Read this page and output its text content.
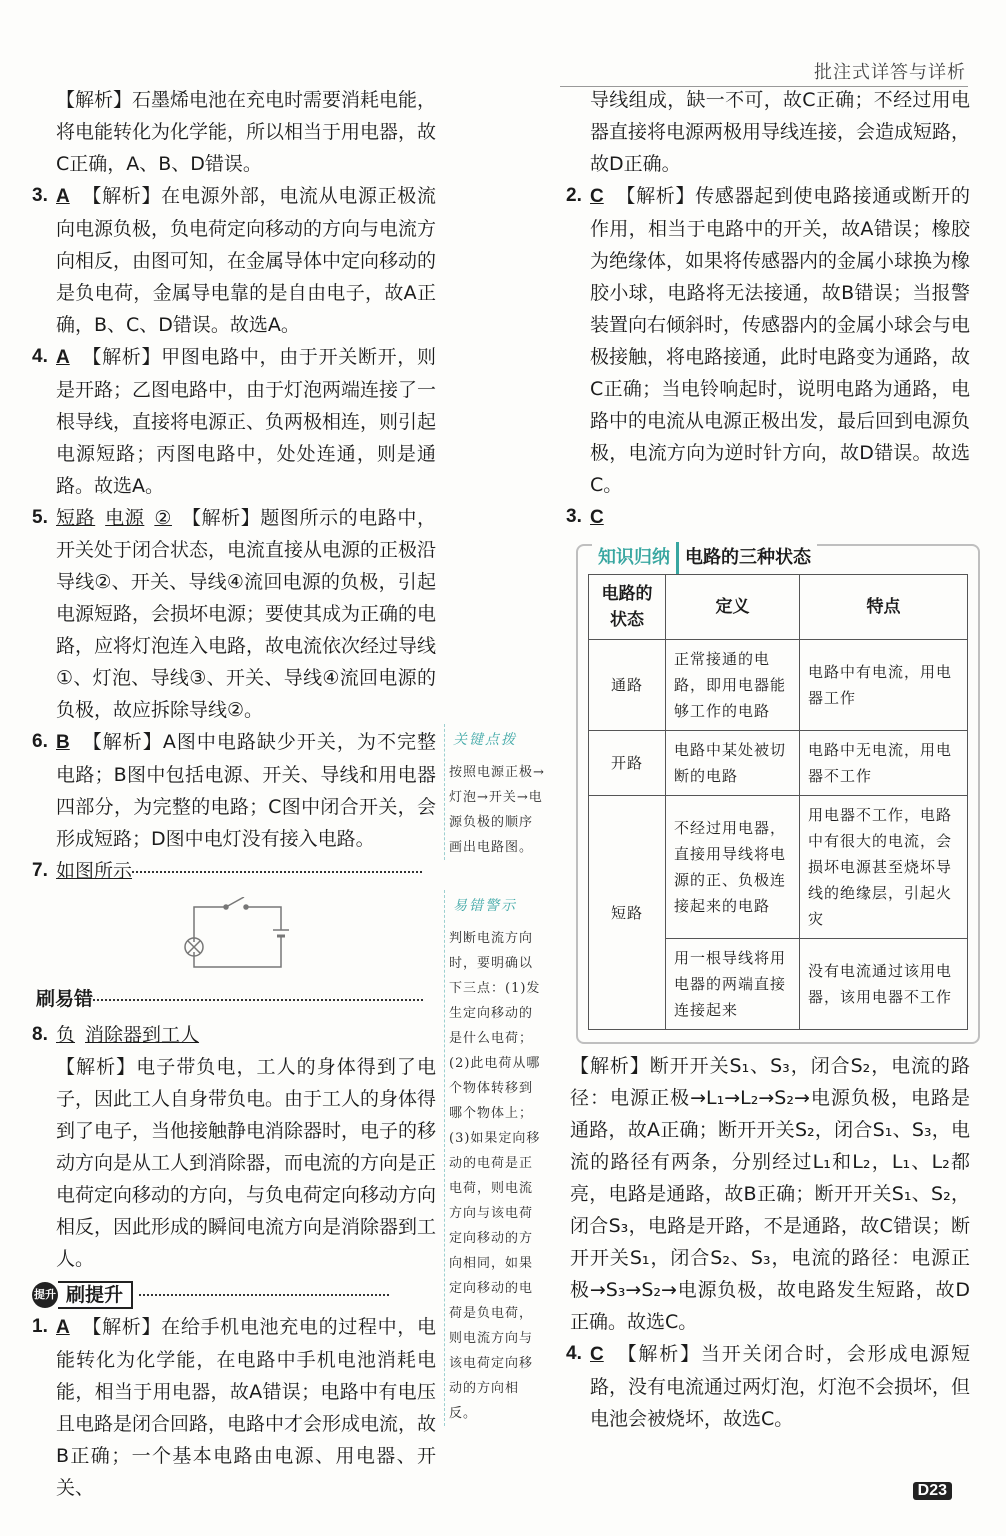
批注式详答与详析

【解析】石墨烯电池在充电时需要消耗电能，将电能转化为化学能，所以相当于用电器，故C正确，A、B、D错误。

3. A 【解析】在电源外部，电流从电源正极流向电源负极，负电荷定向移动的方向与电流方向相反，由图可知，在金属导体中定向移动的是负电荷，金属导电靠的是自由电子，故A正确，B、C、D错误。故选A。

4. A 【解析】甲图电路中，由于开关断开，则是开路；乙图电路中，由于灯泡两端连接了一根导线，直接将电源正、负两极相连，则引起电源短路；丙图电路中，处处连通，则是通路。故选A。

5. 短路 电源 ② 【解析】题图所示的电路中，开关处于闭合状态，电流直接从电源的正极沿导线②、开关、导线④流回电源的负极，引起电源短路，会损坏电源；要使其成为正确的电路，应将灯泡连入电路，故电流依次经过导线①、灯泡、导线③、开关、导线④流回电源的负极，故应拆除导线②。

6. B 【解析】A图中电路缺少开关，为不完整电路；B图中包括电源、开关、导线和用电器四部分，为完整的电路；C图中闭合开关，会形成短路；D图中电灯没有接入电路。

7. 如图所示

刷易错

8. 负 消除器到工人
【解析】电子带负电，工人的身体得到了电子，因此工人自身带负电。由于工人的身体得到了电子，当他接触静电消除器时，电子的移动方向是从工人到消除器，而电流的方向是正电荷定向移动的方向，与负电荷定向移动方向相反，因此形成的瞬间电流方向是消除器到工人。

提升 刷提升

1. A 【解析】在给手机电池充电的过程中，电能转化为化学能，在电路中手机电池消耗电能，相当于用电器，故A错误；电路中有电压且电路是闭合回路，电路中才会形成电流，故B正确；一个基本电路由电源、用电器、开关、

关键点拨

按照电源正极→灯泡→开关→电源负极的顺序画出电路图。

易错警示

判断电流方向时，要明确以下三点：(1)发生定向移动的是什么电荷；(2)此电荷从哪个物体转移到哪个物体上；(3)如果定向移动的电荷是正电荷，则电流方向与该电荷定向移动的方向相同，如果定向移动的电荷是负电荷，则电流方向与该电荷定向移动的方向相反。

导线组成，缺一不可，故C正确；不经过用电器直接将电源两极用导线连接，会造成短路，故D正确。

2. C 【解析】传感器起到使电路接通或断开的作用，相当于电路中的开关，故A错误；橡胶为绝缘体，如果将传感器内的金属小球换为橡胶小球，电路将无法接通，故B错误；当报警装置向右倾斜时，传感器内的金属小球会与电极接触，将电路接通，此时电路变为通路，故C正确；当电铃响起时，说明电路为通路，电路中的电流从电源正极出发，最后回到电源负极，电流方向为逆时针方向，故D错误。故选C。

3. C

知识归纳 电路的三种状态
电路的状态	定义	特点
通路	正常接通的电路，即用电器能够工作的电路	电路中有电流，用电器工作
开路	电路中某处被切断的电路	电路中无电流，用电器不工作
短路	不经过用电器，直接用导线将电源的正、负极连接起来的电路	用电器不工作，电路中有很大的电流，会损坏电源甚至烧坏导线的绝缘层，引起火灾
	用一根导线将用电器的两端直接连接起来	没有电流通过该用电器，该用电器不工作

【解析】断开开关S₁、S₃，闭合S₂，电流的路径：电源正极→L₁→L₂→S₂→电源负极，电路是通路，故A正确；断开开关S₂，闭合S₁、S₃，电流的路径有两条，分别经过L₁和L₂，L₁、L₂都亮，电路是通路，故B正确；断开开关S₁、S₂，闭合S₃，电路是开路，不是通路，故C错误；断开开关S₁，闭合S₂、S₃，电流的路径：电源正极→S₃→S₂→电源负极，故电路发生短路，故D正确。故选C。

4. C 【解析】当开关闭合时，会形成电源短路，没有电流通过两灯泡，灯泡不会损坏，但电池会被烧坏，故选C。

D23
